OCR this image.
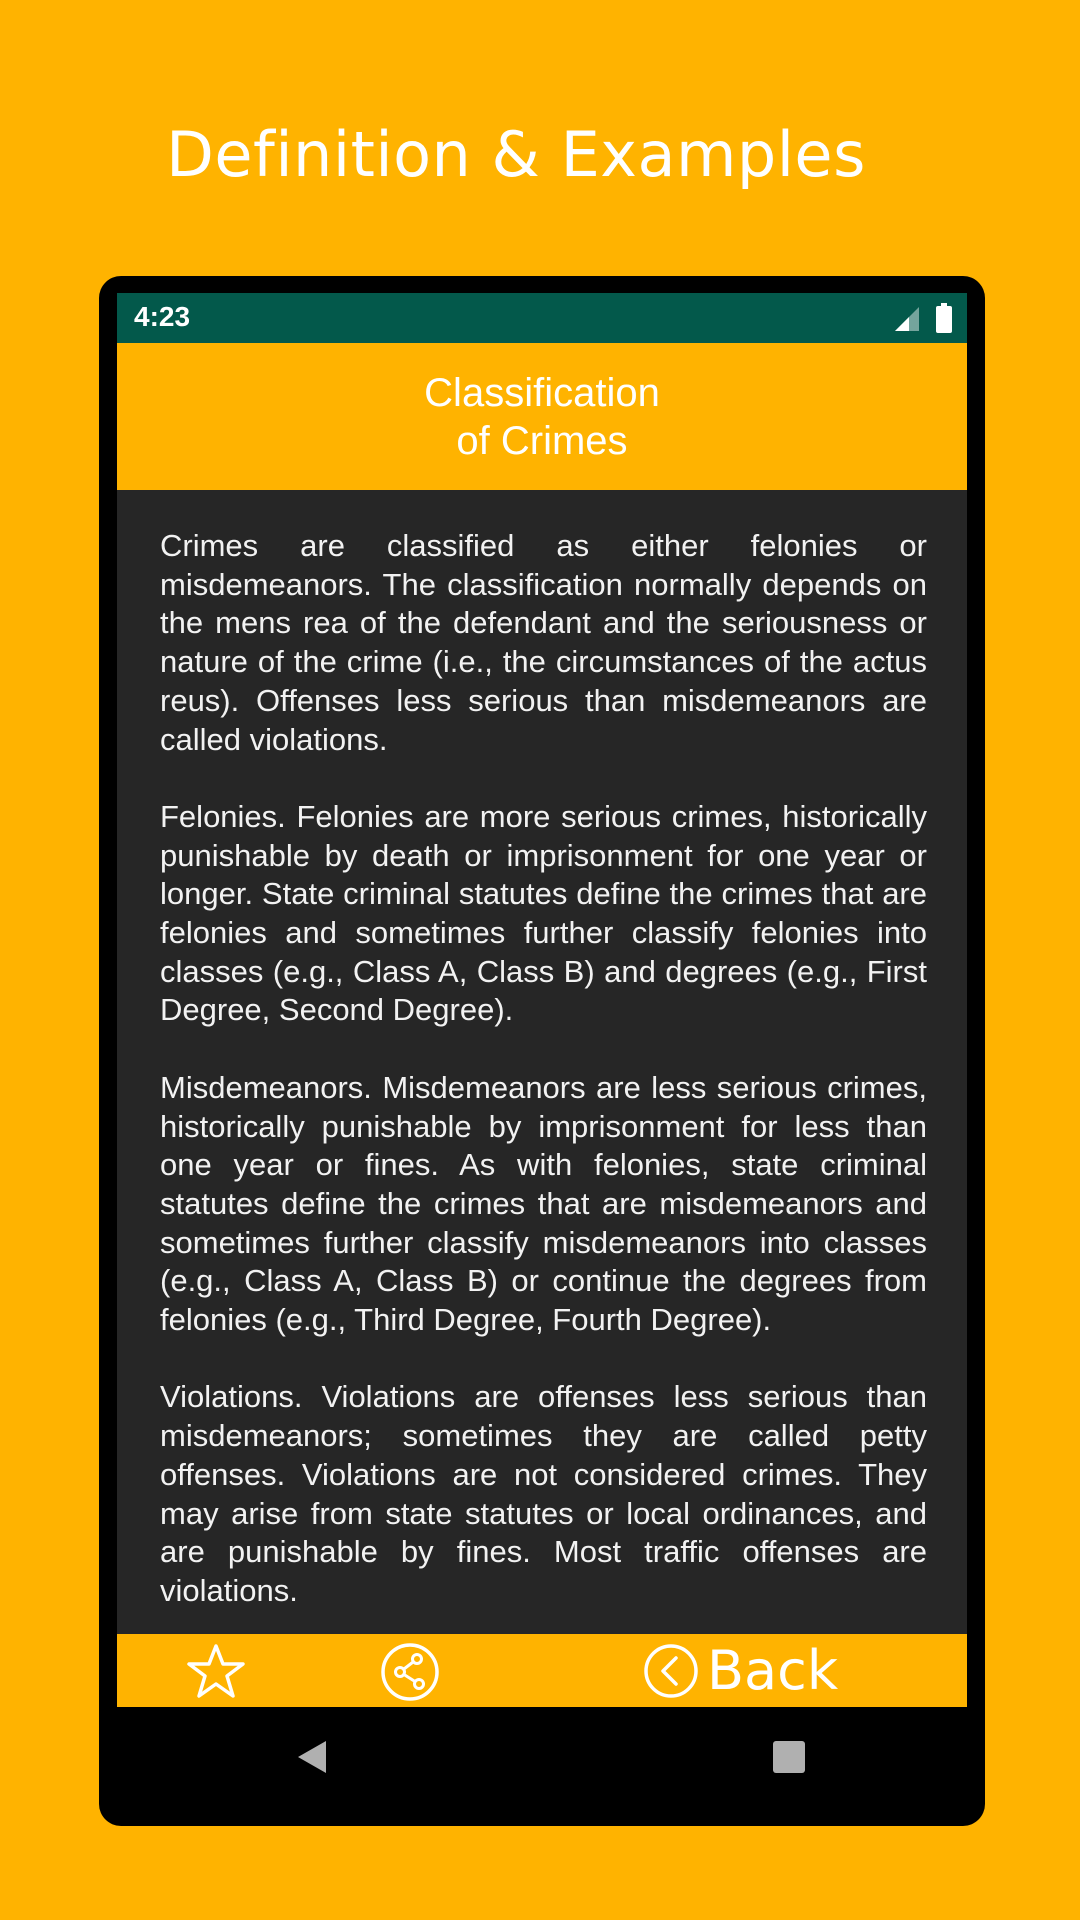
Definition & Examples
4:23
Classification
of Crimes

Crimes are classified as either felonies or misdemeanors. The classification normally depends on the mens rea of the defendant and the seriousness or nature of the crime (i.e., the circumstances of the actus reus). Offenses less serious than misdemeanors are called violations.

Felonies. Felonies are more serious crimes, historically punishable by death or imprisonment for one year or longer. State criminal statutes define the crimes that are felonies and sometimes further classify felonies into classes (e.g., Class A, Class B) and degrees (e.g., First Degree, Second Degree).

Misdemeanors. Misdemeanors are less serious crimes, historically punishable by imprisonment for less than one year or fines. As with felonies, state criminal statutes define the crimes that are misdemeanors and sometimes further classify misdemeanors into classes (e.g., Class A, Class B) or continue the degrees from felonies (e.g., Third Degree, Fourth Degree).

Violations. Violations are offenses less serious than misdemeanors; sometimes they are called petty offenses. Violations are not considered crimes. They may arise from state statutes or local ordinances, and are punishable by fines. Most traffic offenses are violations.

Back
